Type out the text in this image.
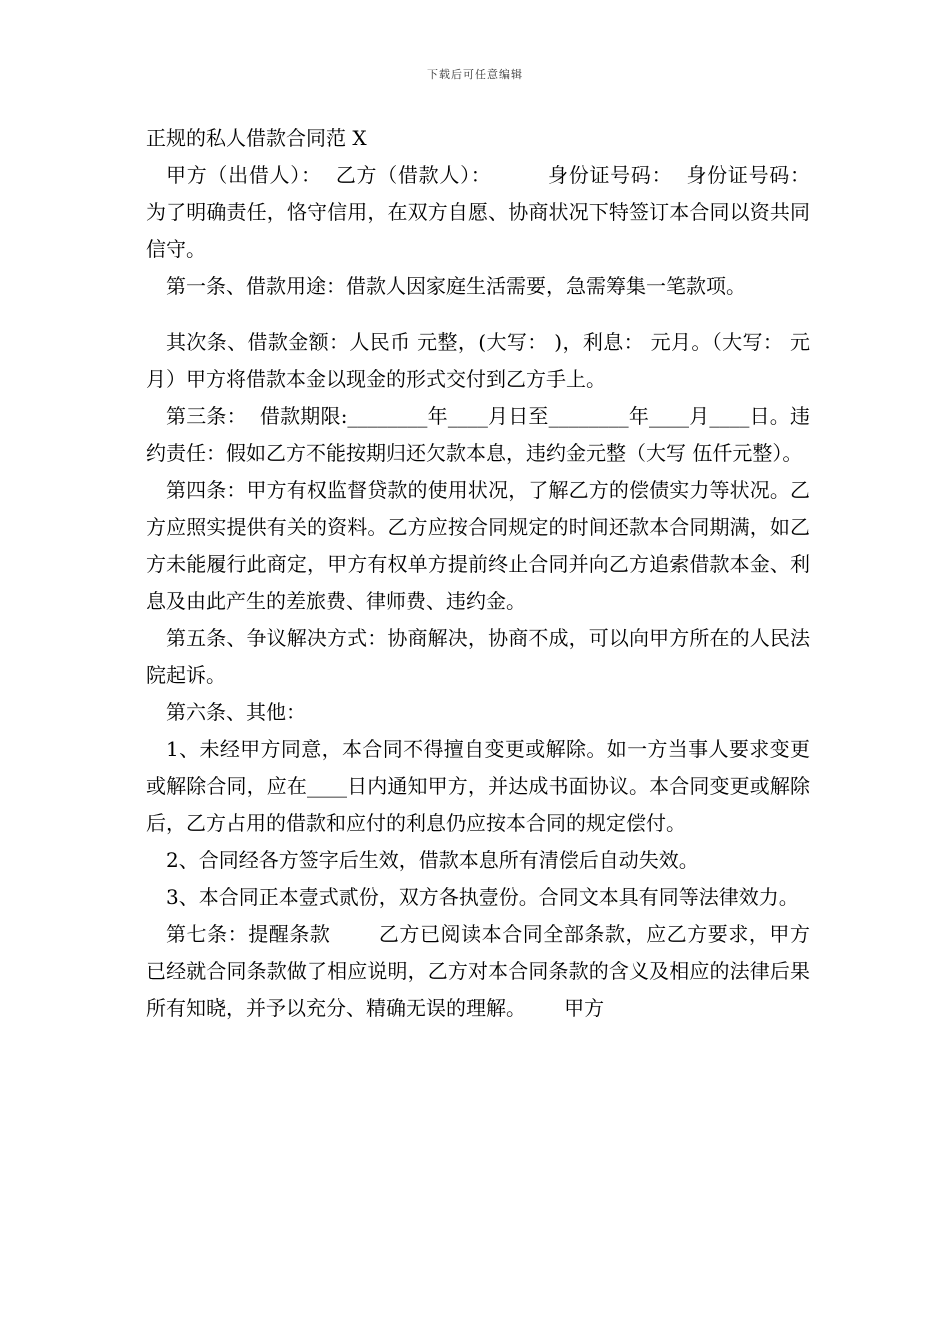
下载后可任意编辑

正规的私人借款合同范 X

甲方（出借人）：  乙方（借款人）：        身份证号码：  身份证号码：        为了明确责任，恪守信用，在双方自愿、协商状况下特签订本合同以资共同信守。

第一条、借款用途：借款人因家庭生活需要，急需筹集一笔款项。

其次条、借款金额：人民币 元整，(大写： )，利息： 元月。（大写： 元月）甲方将借款本金以现金的形式交付到乙方手上。

第三条：  借款期限:________年____月日至________年____月____日。违约责任：假如乙方不能按期归还欠款本息，违约金元整（大写 伍仟元整）。

第四条：甲方有权监督贷款的使用状况，了解乙方的偿债实力等状况。乙方应照实提供有关的资料。乙方应按合同规定的时间还款本合同期满，如乙方未能履行此商定，甲方有权单方提前终止合同并向乙方追索借款本金、利息及由此产生的差旅费、律师费、违约金。

第五条、争议解决方式：协商解决，协商不成，可以向甲方所在的人民法院起诉。

第六条、其他：

1、未经甲方同意，本合同不得擅自变更或解除。如一方当事人要求变更或解除合同，应在____日内通知甲方，并达成书面协议。本合同变更或解除后，乙方占用的借款和应付的利息仍应按本合同的规定偿付。

2、合同经各方签字后生效，借款本息所有清偿后自动失效。

3、本合同正本壹式贰份，双方各执壹份。合同文本具有同等法律效力。

第七条：提醒条款       乙方已阅读本合同全部条款，应乙方要求，甲方已经就合同条款做了相应说明，乙方对本合同条款的含义及相应的法律后果所有知晓，并予以充分、精确无误的理解。      甲方
